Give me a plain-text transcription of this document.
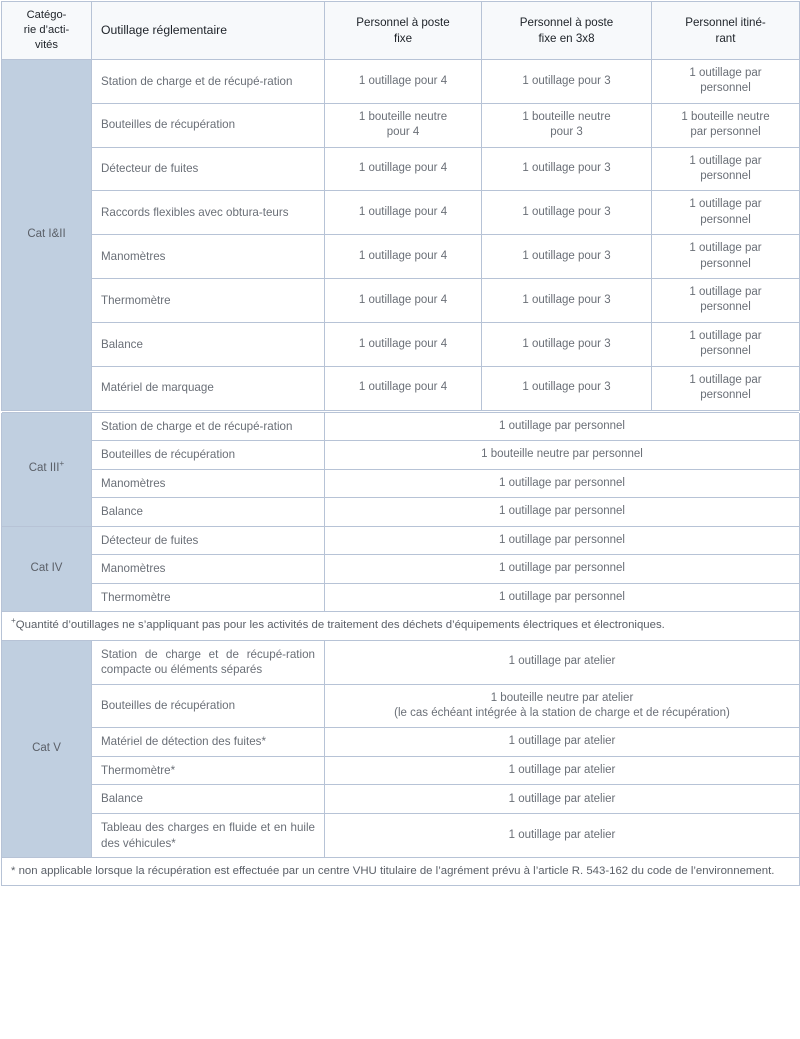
Catégo-
rie d’acti-
vités	Outillage réglementaire	Personnel à poste
fixe	Personnel à poste
fixe en 3x8	Personnel itiné-
rant
Cat I&II	Station de charge et de récupé-ration	1 outillage pour 4	1 outillage pour 3	1 outillage par
personnel

	Bouteilles de récupération	1 bouteille neutre
pour 4	1 bouteille neutre
pour 3	1 bouteille neutre
par personnel

	Détecteur de fuites	1 outillage pour 4	1 outillage pour 3	1 outillage par
personnel

	Raccords flexibles avec obtura-teurs	1 outillage pour 4	1 outillage pour 3	1 outillage par
personnel

	Manomètres	1 outillage pour 4	1 outillage pour 3	1 outillage par
personnel

	Thermomètre	1 outillage pour 4	1 outillage pour 3	1 outillage par
personnel

	Balance	1 outillage pour 4	1 outillage pour 3	1 outillage par
personnel

	Matériel de marquage	1 outillage pour 4	1 outillage pour 3	1 outillage par
personnel

Cat III+	Station de charge et de récupé-ration	1 outillage par personnel		
	Bouteilles de récupération	1 bouteille neutre par personnel		
	Manomètres	1 outillage par personnel		
	Balance	1 outillage par personnel		
Cat IV	Détecteur de fuites	1 outillage par personnel		
	Manomètres	1 outillage par personnel		
	Thermomètre	1 outillage par personnel		
+Quantité d’outillages ne s’appliquant pas pour les activités de traitement des déchets d’équipements électriques et électroniques.				
Cat V	Station de charge et de récupé-ration compacte ou éléments séparés	1 outillage par atelier		
	Bouteilles de récupération	1 bouteille neutre par atelier
(le cas échéant intégrée à la station de charge et de récupération)		

	Matériel de détection des fuites*	1 outillage par atelier		
	Thermomètre*	1 outillage par atelier		
	Balance	1 outillage par atelier		
	Tableau des charges en fluide et en huile des véhicules*	1 outillage par atelier		
* non applicable lorsque la récupération est effectuée par un centre VHU titulaire de l’agrément prévu à l’article R. 543-162 du code de l’environnement.				
